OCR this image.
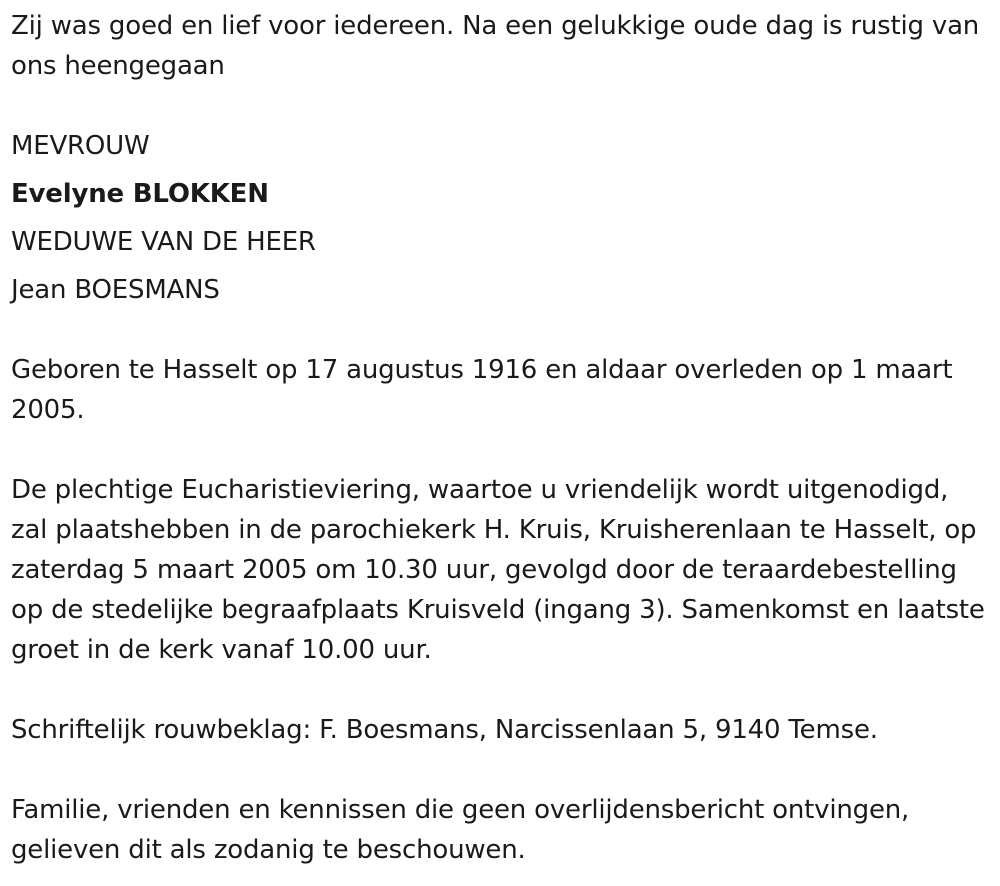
Zij was goed en lief voor iedereen. Na een gelukkige oude dag is rustig van ons heengegaan

MEVROUW

Evelyne BLOKKEN

WEDUWE VAN DE HEER

Jean BOESMANS

Geboren te Hasselt op 17 augustus 1916 en aldaar overleden op 1 maart 2005.

De plechtige Eucharistieviering, waartoe u vriendelijk wordt uitgenodigd, zal plaatshebben in de parochiekerk H. Kruis, Kruisherenlaan te Hasselt, op zaterdag 5 maart 2005 om 10.30 uur, gevolgd door de teraardebestelling op de stedelijke begraafplaats Kruisveld (ingang 3). Samenkomst en laatste groet in de kerk vanaf 10.00 uur.

Schriftelijk rouwbeklag: F. Boesmans, Narcissenlaan 5, 9140 Temse.

Familie, vrienden en kennissen die geen overlijdensbericht ontvingen, gelieven dit als zodanig te beschouwen.
